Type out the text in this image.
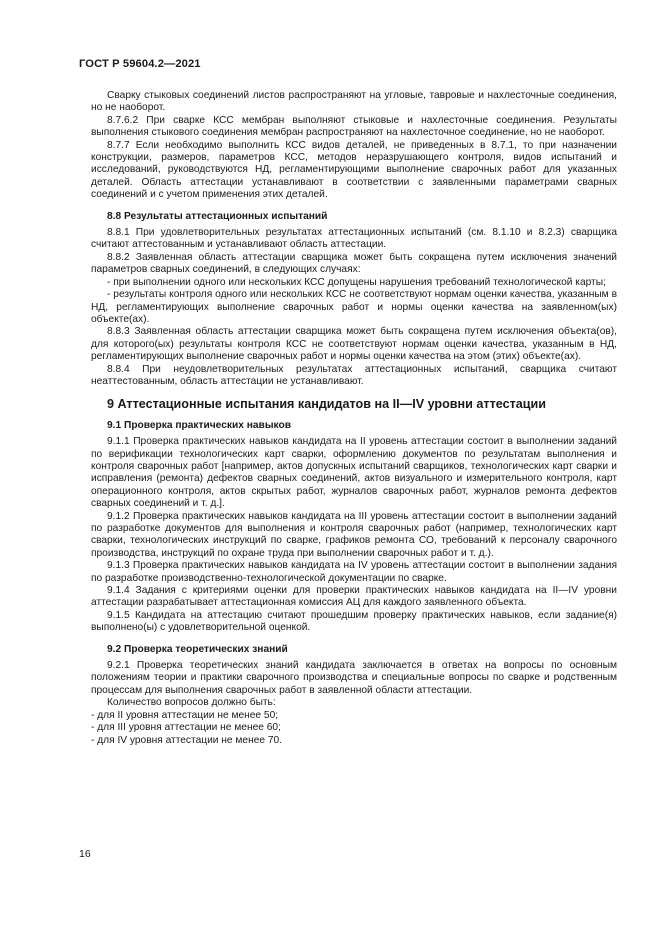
ГОСТ Р 59604.2—2021

Сварку стыковых соединений листов распространяют на угловые, тавровые и нахлесточные соединения, но не наоборот.

8.7.6.2 При сварке КСС мембран выполняют стыковые и нахлесточные соединения. Результаты выполнения стыкового соединения мембран распространяют на нахлесточное соединение, но не наоборот.

8.7.7 Если необходимо выполнить КСС видов деталей, не приведенных в 8.7.1, то при назначении конструкции, размеров, параметров КСС, методов неразрушающего контроля, видов испытаний и исследований, руководствуются НД, регламентирующими выполнение сварочных работ для указанных деталей. Область аттестации устанавливают в соответствии с заявленными параметрами сварных соединений и с учетом применения этих деталей.

8.8 Результаты аттестационных испытаний

8.8.1 При удовлетворительных результатах аттестационных испытаний (см. 8.1.10 и 8.2.3) сварщика считают аттестованным и устанавливают область аттестации.

8.8.2 Заявленная область аттестации сварщика может быть сокращена путем исключения значений параметров сварных соединений, в следующих случаях:

- при выполнении одного или нескольких КСС допущены нарушения требований технологической карты;

- результаты контроля одного или нескольких КСС не соответствуют нормам оценки качества, указанным в НД, регламентирующих выполнение сварочных работ и нормы оценки качества на заявленном(ых) объекте(ах).

8.8.3 Заявленная область аттестации сварщика может быть сокращена путем исключения объекта(ов), для которого(ых) результаты контроля КСС не соответствуют нормам оценки качества, указанным в НД, регламентирующих выполнение сварочных работ и нормы оценки качества на этом (этих) объекте(ах).

8.8.4 При неудовлетворительных результатах аттестационных испытаний, сварщика считают неаттестованным, область аттестации не устанавливают.

9 Аттестационные испытания кандидатов на II—IV уровни аттестации
9.1 Проверка практических навыков

9.1.1 Проверка практических навыков кандидата на II уровень аттестации состоит в выполнении заданий по верификации технологических карт сварки, оформлению документов по результатам выполнения и контроля сварочных работ [например, актов допускных испытаний сварщиков, технологических карт сварки и исправления (ремонта) дефектов сварных соединений, актов визуального и измерительного контроля, карт операционного контроля, актов скрытых работ, журналов сварочных работ, журналов ремонта дефектов сварных соединений и т. д.].

9.1.2 Проверка практических навыков кандидата на III уровень аттестации состоит в выполнении заданий по разработке документов для выполнения и контроля сварочных работ (например, технологических карт сварки, технологических инструкций по сварке, графиков ремонта СО, требований к персоналу сварочного производства, инструкций по охране труда при выполнении сварочных работ и т. д.).

9.1.3 Проверка практических навыков кандидата на IV уровень аттестации состоит в выполнении задания по разработке производственно-технологической документации по сварке.

9.1.4 Задания с критериями оценки для проверки практических навыков кандидата на II—IV уровни аттестации разрабатывает аттестационная комиссия АЦ для каждого заявленного объекта.

9.1.5 Кандидата на аттестацию считают прошедшим проверку практических навыков, если задание(я) выполнено(ы) с удовлетворительной оценкой.

9.2 Проверка теоретических знаний

9.2.1 Проверка теоретических знаний кандидата заключается в ответах на вопросы по основным положениям теории и практики сварочного производства и специальные вопросы по сварке и родственным процессам для выполнения сварочных работ в заявленной области аттестации.

Количество вопросов должно быть:

- для II уровня аттестации не менее 50;

- для III уровня аттестации не менее 60;

- для IV уровня аттестации не менее 70.

16
